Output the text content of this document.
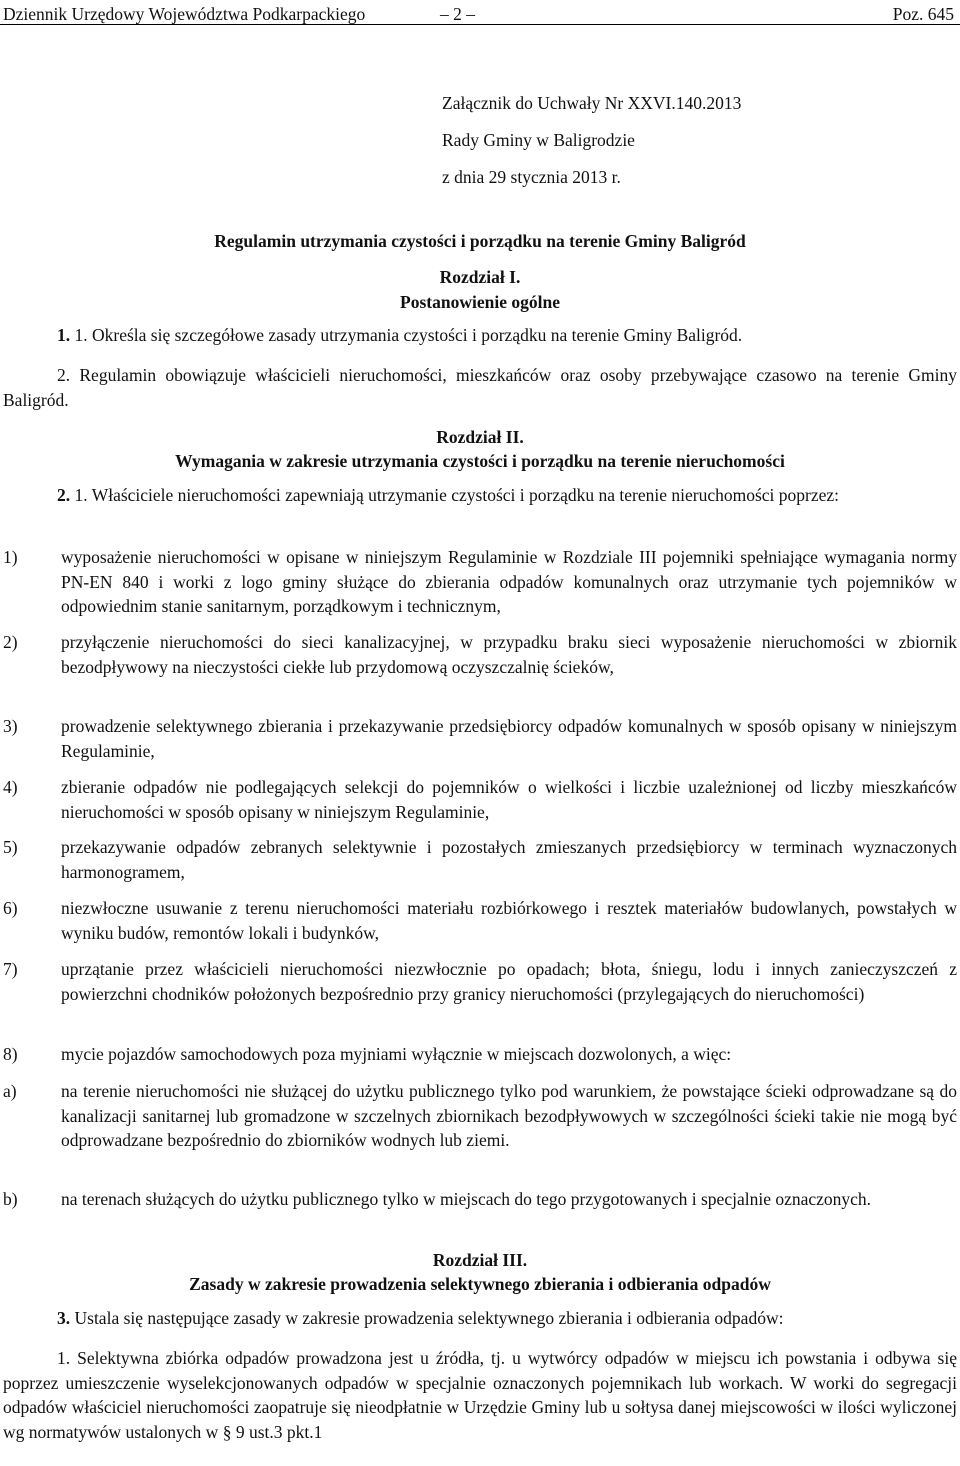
Dziennik Urzędowy Województwa Podkarpackiego	– 2 –	Poz. 645
Załącznik do Uchwały Nr XXVI.140.2013
Rady Gminy w Baligrodzie
z dnia 29 stycznia 2013 r.
Regulamin utrzymania czystości i porządku na terenie Gminy Baligród
Rozdział I.
Postanowienie ogólne
1. 1. Określa się szczegółowe zasady utrzymania czystości i porządku na terenie Gminy Baligród.
2. Regulamin obowiązuje właścicieli nieruchomości, mieszkańców oraz osoby przebywające czasowo na terenie Gminy Baligród.
Rozdział II.
Wymagania w zakresie utrzymania czystości i porządku na terenie nieruchomości
2. 1. Właściciele nieruchomości zapewniają utrzymanie czystości i porządku na terenie nieruchomości poprzez:
1) wyposażenie nieruchomości w opisane w niniejszym Regulaminie w Rozdziale III pojemniki spełniające wymagania normy PN-EN 840 i worki z logo gminy służące do zbierania odpadów komunalnych oraz utrzymanie tych pojemników w odpowiednim stanie sanitarnym, porządkowym i technicznym,
2) przyłączenie nieruchomości do sieci kanalizacyjnej, w przypadku braku sieci wyposażenie nieruchomości w zbiornik bezodpływowy na nieczystości ciekłe lub przydomową oczyszczalnię ścieków,
3) prowadzenie selektywnego zbierania i przekazywanie przedsiębiorcy odpadów komunalnych w sposób opisany w niniejszym Regulaminie,
4) zbieranie odpadów nie podlegających selekcji do pojemników o wielkości i liczbie uzależnionej od liczby mieszkańców nieruchomości w sposób opisany w niniejszym Regulaminie,
5) przekazywanie odpadów zebranych selektywnie i pozostałych zmieszanych przedsiębiorcy w terminach wyznaczonych harmonogramem,
6) niezwłoczne usuwanie z terenu nieruchomości materiału rozbiórkowego i resztek materiałów budowlanych, powstałych w wyniku budów, remontów lokali i budynków,
7) uprzątanie przez właścicieli nieruchomości niezwłocznie po opadach; błota, śniegu, lodu i innych zanieczyszczeń z powierzchni chodników położonych bezpośrednio przy granicy nieruchomości (przylegających do nieruchomości)
8) mycie pojazdów samochodowych poza myjniami wyłącznie w miejscach dozwolonych, a więc:
a)	na terenie nieruchomości nie służącej do użytku publicznego tylko pod warunkiem, że powstające ścieki odprowadzane są do kanalizacji sanitarnej lub gromadzone w szczelnych zbiornikach bezodpływowych w szczególności ścieki takie nie mogą być odprowadzane bezpośrednio do zbiorników wodnych lub ziemi.
b) na terenach służących do użytku publicznego tylko w miejscach do tego przygotowanych i specjalnie oznaczonych.
Rozdział III.
Zasady w zakresie prowadzenia selektywnego zbierania i odbierania odpadów
3. Ustala się następujące zasady w zakresie prowadzenia selektywnego zbierania i odbierania odpadów:
1. Selektywna zbiórka odpadów prowadzona jest u źródła, tj. u wytwórcy odpadów w miejscu ich powstania i odbywa się poprzez umieszczenie wyselekcjonowanych odpadów w specjalnie oznaczonych pojemnikach lub workach. W worki do segregacji odpadów właściciel nieruchomości zaopatruje się nieodpłatnie w Urzędzie Gminy lub u sołtysa danej miejscowości w ilości wyliczonej wg normatywów ustalonych w § 9 ust.3 pkt.1
